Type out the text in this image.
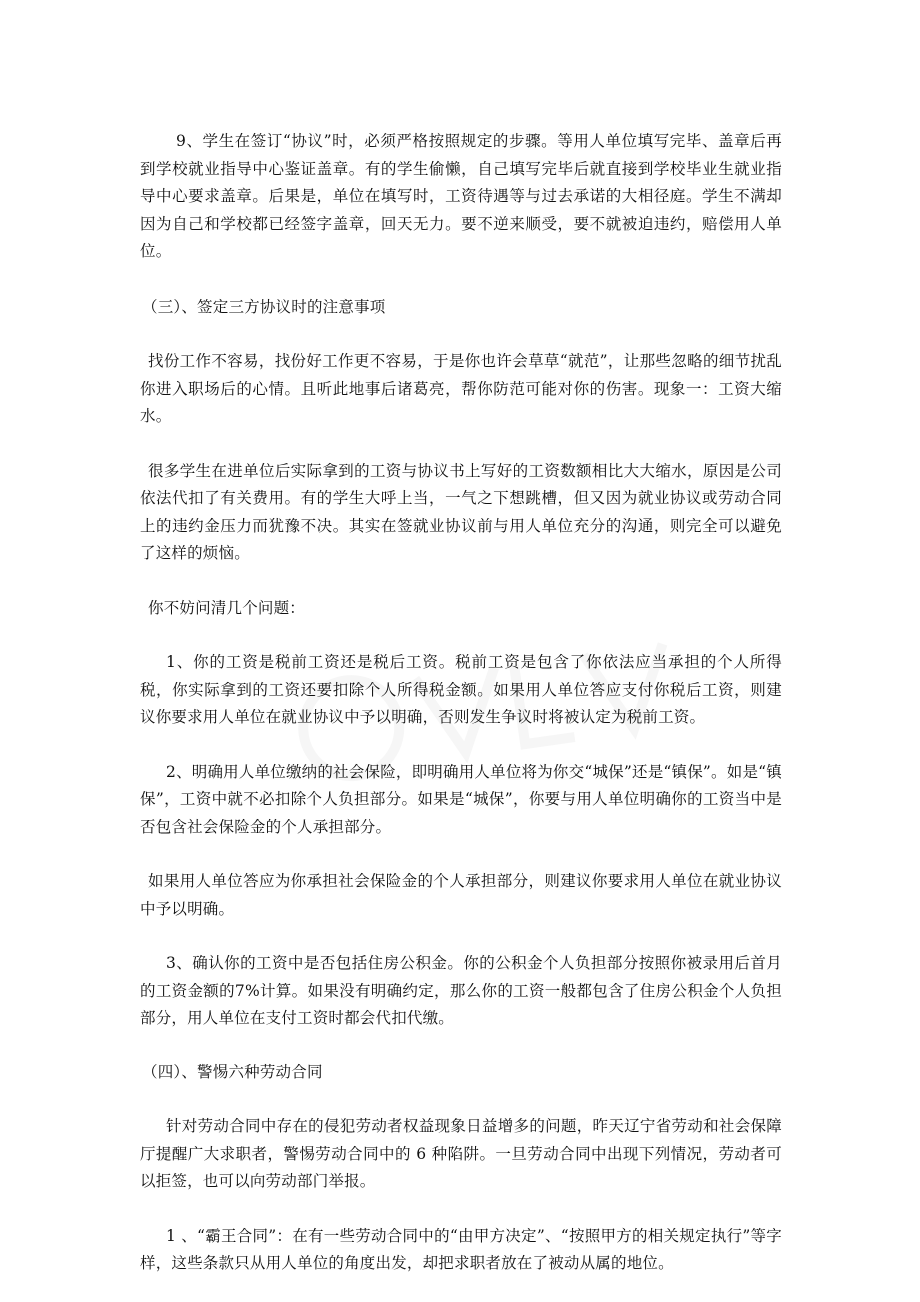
9、学生在签订“协议”时，必须严格按照规定的步骤。等用人单位填写完毕、盖章后再到学校就业指导中心鉴证盖章。有的学生偷懒，自己填写完毕后就直接到学校毕业生就业指导中心要求盖章。后果是，单位在填写时，工资待遇等与过去承诺的大相径庭。学生不满却因为自己和学校都已经签字盖章，回天无力。要不逆来顺受，要不就被迫违约，赔偿用人单位。

（三）、签定三方协议时的注意事项

找份工作不容易，找份好工作更不容易，于是你也许会草草“就范”，让那些忽略的细节扰乱你进入职场后的心情。且听此地事后诸葛亮，帮你防范可能对你的伤害。现象一：工资大缩水。

很多学生在进单位后实际拿到的工资与协议书上写好的工资数额相比大大缩水，原因是公司依法代扣了有关费用。有的学生大呼上当，一气之下想跳槽，但又因为就业协议或劳动合同上的违约金压力而犹豫不决。其实在签就业协议前与用人单位充分的沟通，则完全可以避免了这样的烦恼。

你不妨问清几个问题：

1、你的工资是税前工资还是税后工资。税前工资是包含了你依法应当承担的个人所得税，你实际拿到的工资还要扣除个人所得税金额。如果用人单位答应支付你税后工资，则建议你要求用人单位在就业协议中予以明确，否则发生争议时将被认定为税前工资。

2、明确用人单位缴纳的社会保险，即明确用人单位将为你交“城保”还是“镇保”。如是“镇保”，工资中就不必扣除个人负担部分。如果是“城保”，你要与用人单位明确你的工资当中是否包含社会保险金的个人承担部分。

如果用人单位答应为你承担社会保险金的个人承担部分，则建议你要求用人单位在就业协议中予以明确。

3、确认你的工资中是否包括住房公积金。你的公积金个人负担部分按照你被录用后首月的工资金额的7%计算。如果没有明确约定，那么你的工资一般都包含了住房公积金个人负担部分，用人单位在支付工资时都会代扣代缴。

（四）、警惕六种劳动合同

针对劳动合同中存在的侵犯劳动者权益现象日益增多的问题，昨天辽宁省劳动和社会保障厅提醒广大求职者，警惕劳动合同中的 6 种陷阱。一旦劳动合同中出现下列情况，劳动者可以拒签，也可以向劳动部门举报。

1 、“霸王合同”：在有一些劳动合同中的“由甲方决定”、“按照甲方的相关规定执行”等字样，这些条款只从用人单位的角度出发，却把求职者放在了被动从属的地位。
